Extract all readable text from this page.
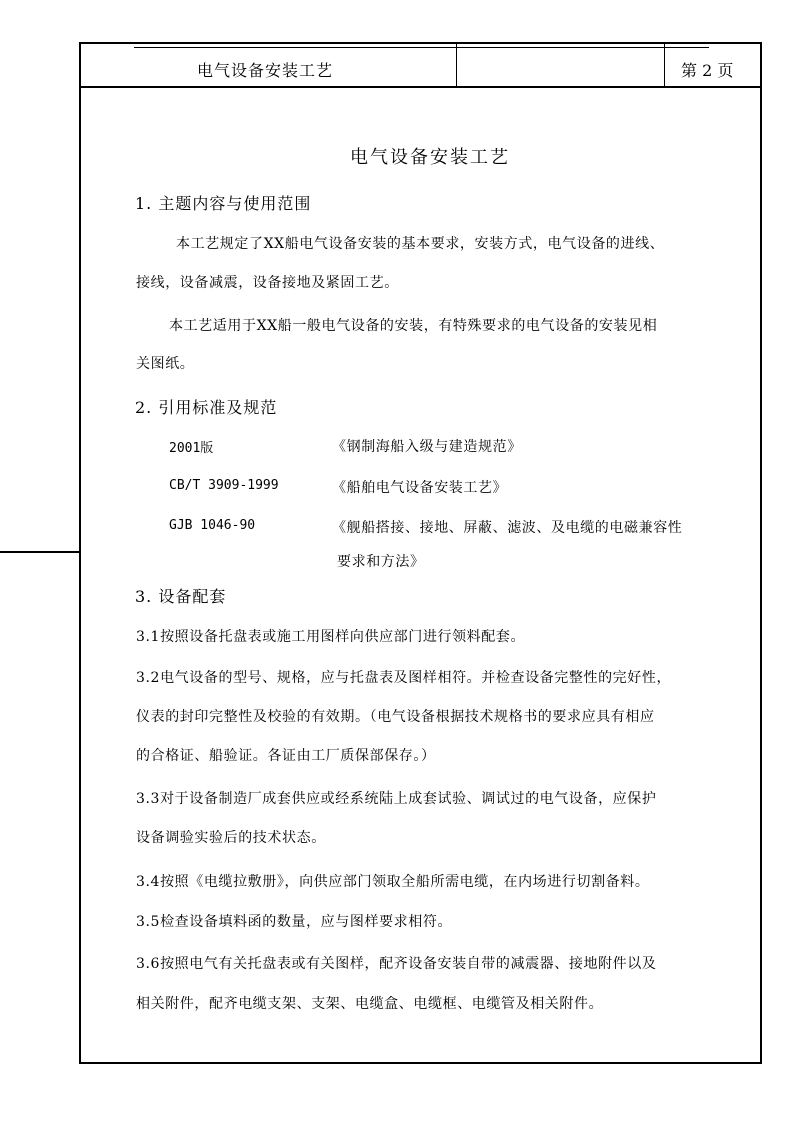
电气设备安装工艺	第 2 页
电气设备安装工艺
1. 主题内容与使用范围
本工艺规定了XX船电气设备安装的基本要求，安装方式，电气设备的进线、
接线，设备减震，设备接地及紧固工艺。
本工艺适用于XX船一般电气设备的安装，有特殊要求的电气设备的安装见相
关图纸。
2. 引用标准及规范
2001版	《钢制海船入级与建造规范》
CB/T 3909-1999	《船舶电气设备安装工艺》
GJB 1046-90	《舰船搭接、接地、屏蔽、滤波、及电缆的电磁兼容性
要求和方法》
3. 设备配套
3.1按照设备托盘表或施工用图样向供应部门进行领料配套。
3.2电气设备的型号、规格，应与托盘表及图样相符。并检查设备完整性的完好性，
仪表的封印完整性及校验的有效期。（电气设备根据技术规格书的要求应具有相应
的合格证、船验证。各证由工厂质保部保存。）
3.3对于设备制造厂成套供应或经系统陆上成套试验、调试过的电气设备，应保护
设备调验实验后的技术状态。
3.4按照《电缆拉敷册》，向供应部门领取全船所需电缆，在内场进行切割备料。
3.5检查设备填料函的数量，应与图样要求相符。
3.6按照电气有关托盘表或有关图样，配齐设备安装自带的减震器、接地附件以及
相关附件，配齐电缆支架、支架、电缆盒、电缆框、电缆管及相关附件。
